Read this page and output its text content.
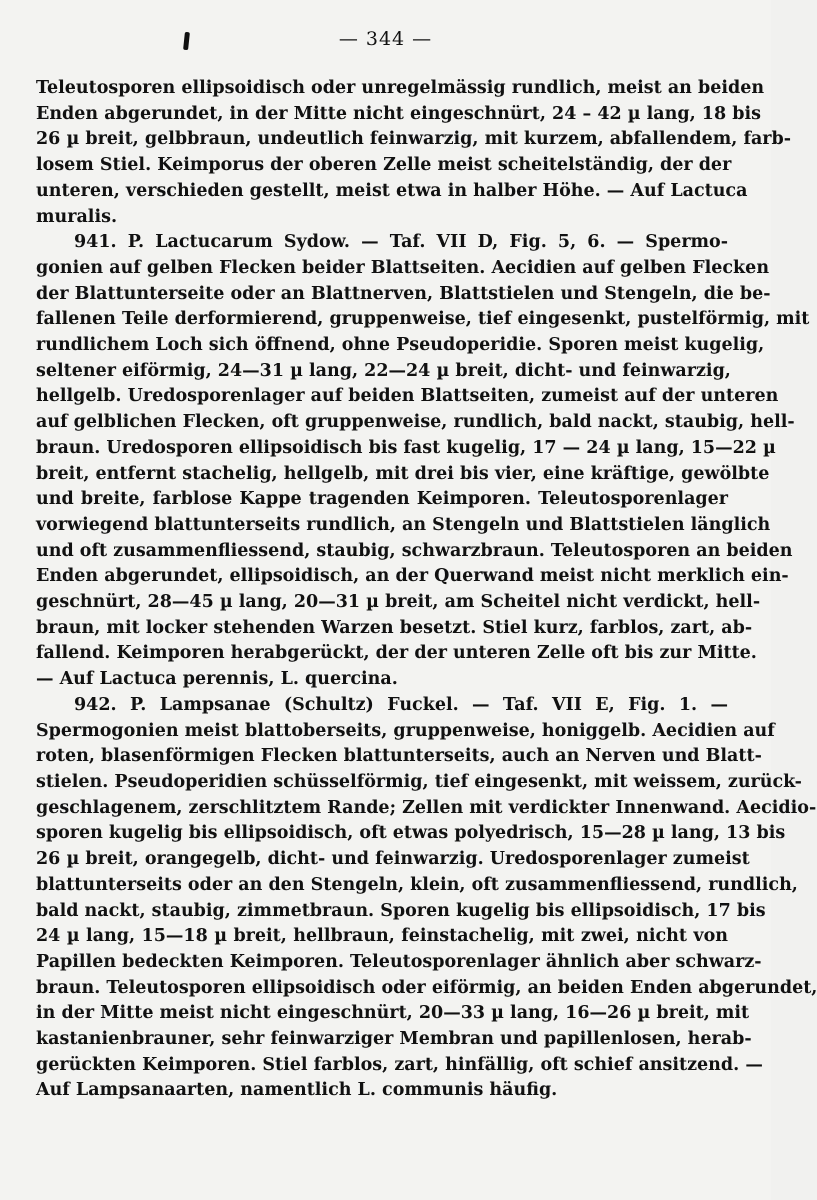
— 344 —
Teleutosporen ellipsoidisch oder unregelmässig rundlich, meist an beiden
Enden abgerundet, in der Mitte nicht eingeschnürt, 24 – 42 µ lang, 18 bis
26 µ breit, gelbbraun, undeutlich feinwarzig, mit kurzem, abfallendem, farb-
losem Stiel. Keimporus der oberen Zelle meist scheitelständig, der der
unteren, verschieden gestellt, meist etwa in halber Höhe. — Auf Lactuca
muralis.
941. P. Lactucarum Sydow. — Taf. VII D, Fig. 5, 6. — Spermo-
gonien auf gelben Flecken beider Blattseiten. Aecidien auf gelben Flecken
der Blattunterseite oder an Blattnerven, Blattstielen und Stengeln, die be-
fallenen Teile derformierend, gruppenweise, tief eingesenkt, pustelförmig, mit
rundlichem Loch sich öffnend, ohne Pseudoperidie. Sporen meist kugelig,
seltener eiförmig, 24—31 µ lang, 22—24 µ breit, dicht- und feinwarzig,
hellgelb. Uredosporenlager auf beiden Blattseiten, zumeist auf der unteren
auf gelblichen Flecken, oft gruppenweise, rundlich, bald nackt, staubig, hell-
braun. Uredosporen ellipsoidisch bis fast kugelig, 17 — 24 µ lang, 15—22 µ
breit, entfernt stachelig, hellgelb, mit drei bis vier, eine kräftige, gewölbte
und breite, farblose Kappe tragenden Keimporen. Teleutosporenlager
vorwiegend blattunterseits rundlich, an Stengeln und Blattstielen länglich
und oft zusammenfliessend, staubig, schwarzbraun. Teleutosporen an beiden
Enden abgerundet, ellipsoidisch, an der Querwand meist nicht merklich ein-
geschnürt, 28—45 µ lang, 20—31 µ breit, am Scheitel nicht verdickt, hell-
braun, mit locker stehenden Warzen besetzt. Stiel kurz, farblos, zart, ab-
fallend. Keimporen herabgerückt, der der unteren Zelle oft bis zur Mitte.
— Auf Lactuca perennis, L. quercina.
942. P. Lampsanae (Schultz) Fuckel. — Taf. VII E, Fig. 1. —
Spermogonien meist blattoberseits, gruppenweise, honiggelb. Aecidien auf
roten, blasenförmigen Flecken blattunterseits, auch an Nerven und Blatt-
stielen. Pseudoperidien schüsselförmig, tief eingesenkt, mit weissem, zurück-
geschlagenem, zerschlitztem Rande; Zellen mit verdickter Innenwand. Aecidio-
sporen kugelig bis ellipsoidisch, oft etwas polyedrisch, 15—28 µ lang, 13 bis
26 µ breit, orangegelb, dicht- und feinwarzig. Uredosporenlager zumeist
blattunterseits oder an den Stengeln, klein, oft zusammenfliessend, rundlich,
bald nackt, staubig, zimmetbraun. Sporen kugelig bis ellipsoidisch, 17 bis
24 µ lang, 15—18 µ breit, hellbraun, feinstachelig, mit zwei, nicht von
Papillen bedeckten Keimporen. Teleutosporenlager ähnlich aber schwarz-
braun. Teleutosporen ellipsoidisch oder eiförmig, an beiden Enden abgerundet,
in der Mitte meist nicht eingeschnürt, 20—33 µ lang, 16—26 µ breit, mit
kastanienbrauner, sehr feinwarziger Membran und papillenlosen, herab-
gerückten Keimporen. Stiel farblos, zart, hinfällig, oft schief ansitzend. —
Auf Lampsanaarten, namentlich L. communis häufig.
